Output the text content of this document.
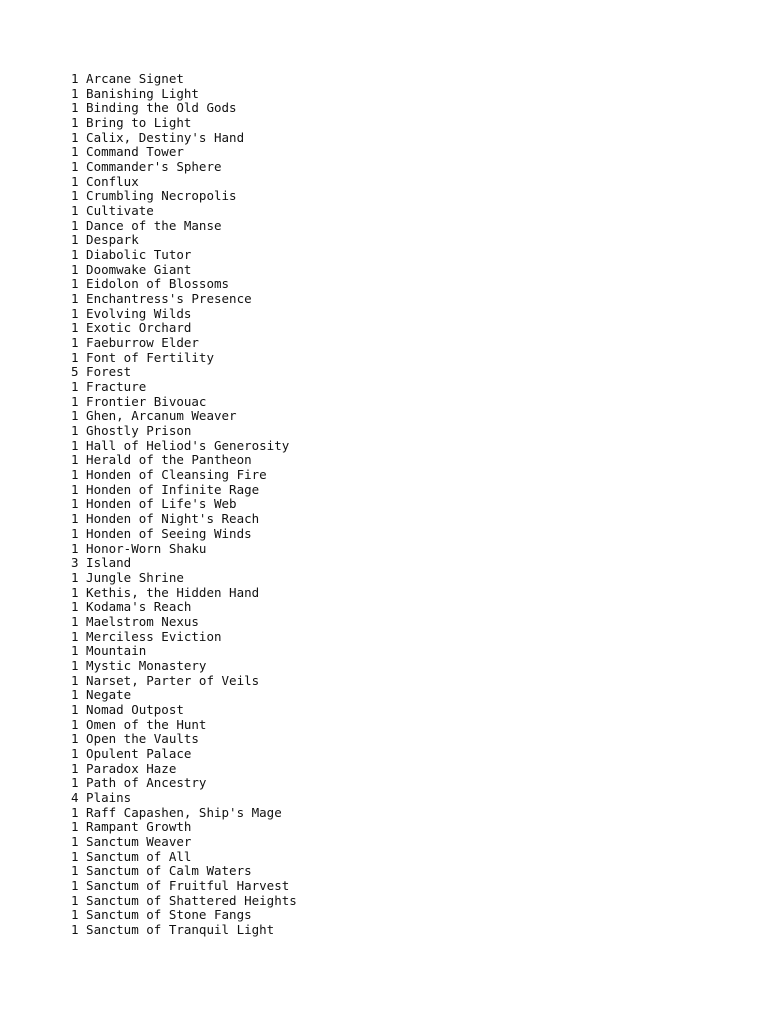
1 Arcane Signet
1 Banishing Light
1 Binding the Old Gods
1 Bring to Light
1 Calix, Destiny's Hand
1 Command Tower
1 Commander's Sphere
1 Conflux
1 Crumbling Necropolis
1 Cultivate
1 Dance of the Manse
1 Despark
1 Diabolic Tutor
1 Doomwake Giant
1 Eidolon of Blossoms
1 Enchantress's Presence
1 Evolving Wilds
1 Exotic Orchard
1 Faeburrow Elder
1 Font of Fertility
5 Forest
1 Fracture
1 Frontier Bivouac
1 Ghen, Arcanum Weaver
1 Ghostly Prison
1 Hall of Heliod's Generosity
1 Herald of the Pantheon
1 Honden of Cleansing Fire
1 Honden of Infinite Rage
1 Honden of Life's Web
1 Honden of Night's Reach
1 Honden of Seeing Winds
1 Honor-Worn Shaku
3 Island
1 Jungle Shrine
1 Kethis, the Hidden Hand
1 Kodama's Reach
1 Maelstrom Nexus
1 Merciless Eviction
1 Mountain
1 Mystic Monastery
1 Narset, Parter of Veils
1 Negate
1 Nomad Outpost
1 Omen of the Hunt
1 Open the Vaults
1 Opulent Palace
1 Paradox Haze
1 Path of Ancestry
4 Plains
1 Raff Capashen, Ship's Mage
1 Rampant Growth
1 Sanctum Weaver
1 Sanctum of All
1 Sanctum of Calm Waters
1 Sanctum of Fruitful Harvest
1 Sanctum of Shattered Heights
1 Sanctum of Stone Fangs
1 Sanctum of Tranquil Light
